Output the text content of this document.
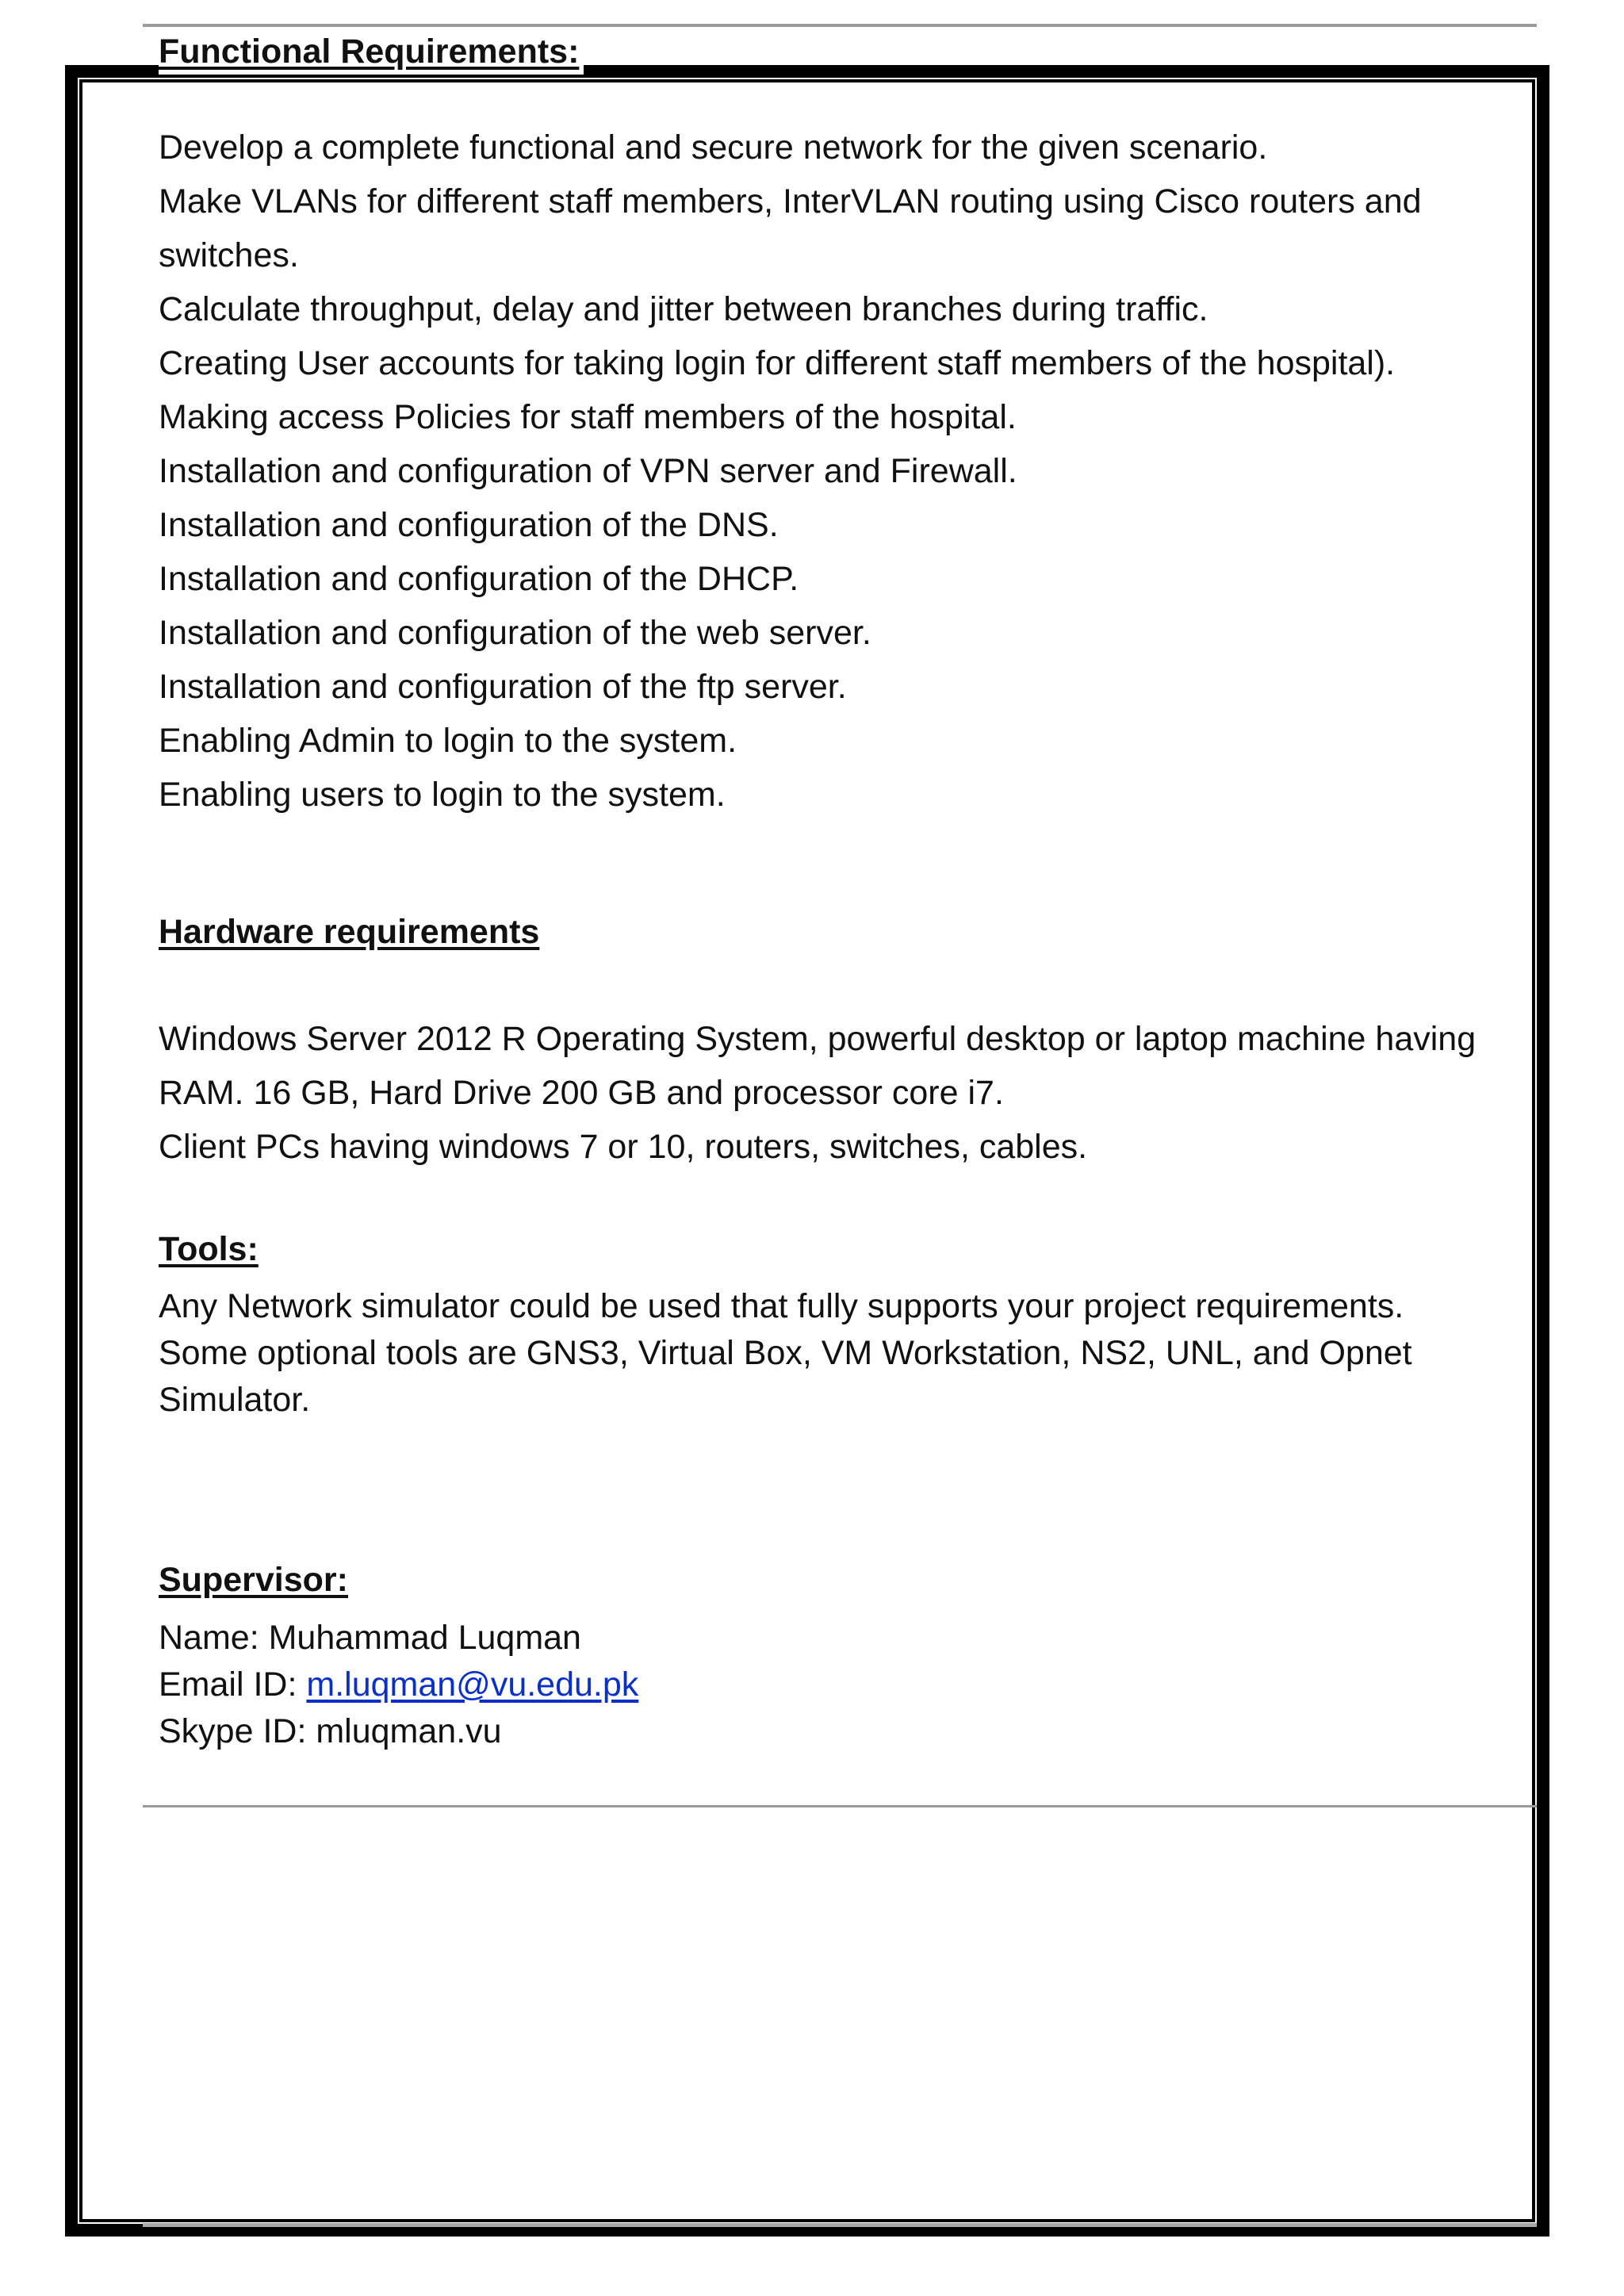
Functional Requirements:
Develop a complete functional and secure network for the given scenario.
Make VLANs for different staff members, InterVLAN routing using Cisco routers and
switches.
Calculate throughput, delay and jitter between branches during traffic.
Creating User accounts for taking login for different staff members of the hospital).
Making access Policies for staff members of the hospital.
Installation and configuration of VPN server and Firewall.
Installation and configuration of the DNS.
Installation and configuration of the DHCP.
Installation and configuration of the web server.
Installation and configuration of the ftp server.
Enabling Admin to login to the system.
Enabling users to login to the system.
Hardware requirements

Windows Server 2012 R Operating System, powerful desktop or laptop machine having

RAM. 16 GB, Hard Drive 200 GB and processor core i7.

Client PCs having windows 7 or 10, routers, switches, cables.

Tools:

Any Network simulator could be used that fully supports your project requirements.

Some optional tools are GNS3, Virtual Box, VM Workstation, NS2, UNL, and Opnet

Simulator.

Supervisor:

Name: Muhammad Luqman

Email ID: m.luqman@vu.edu.pk

Skype ID: mluqman.vu
